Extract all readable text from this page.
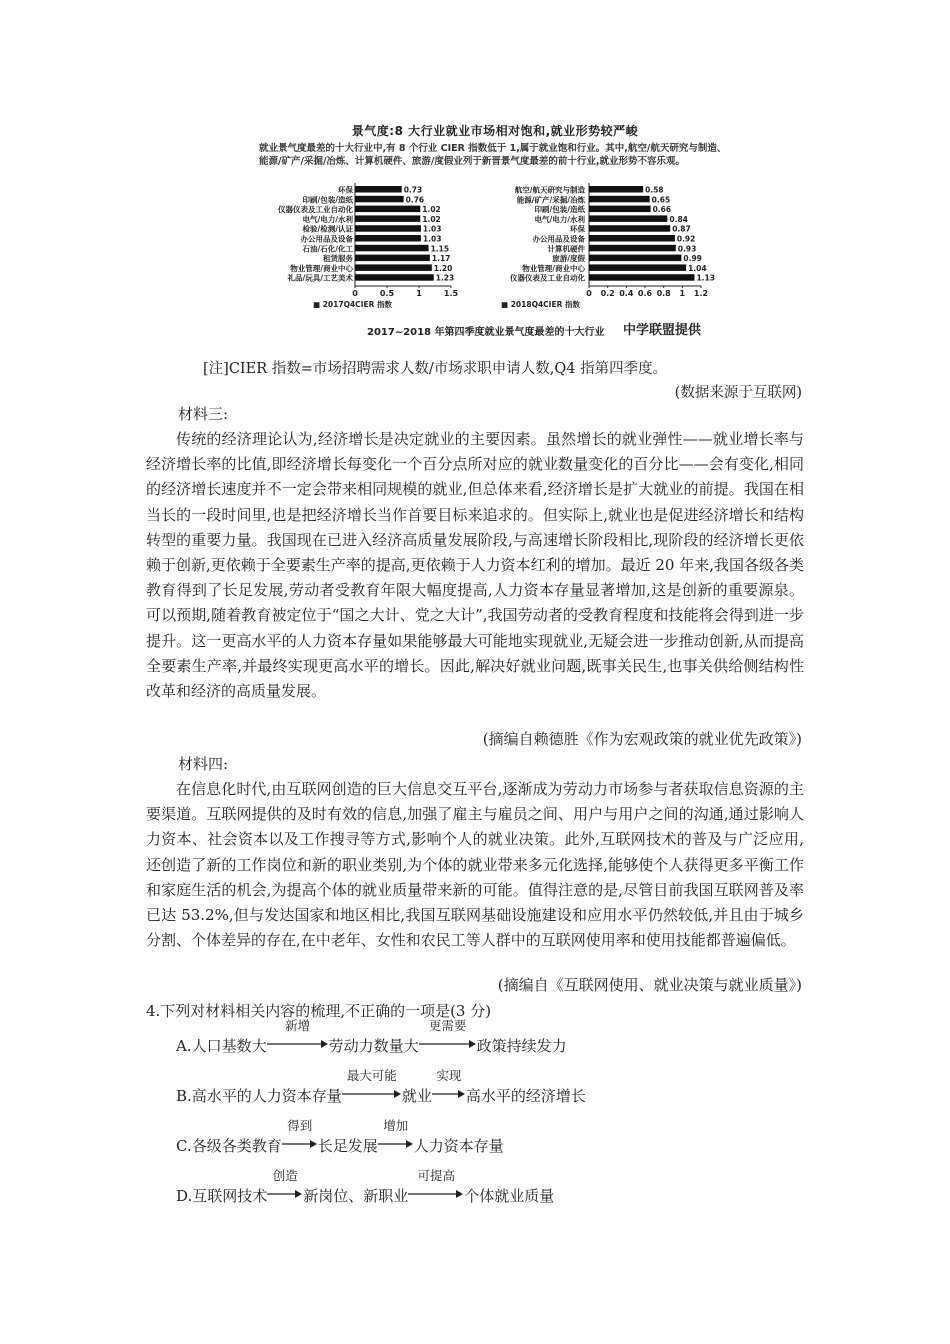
环保	0.73
印刷/包装/造纸	0.76
仪器仪表及工业自动化	1.02
电气/电力/水利	1.02
检验/检测/认证	1.03
办公用品及设备	1.03
石油/石化/化工	1.15
租赁服务	1.17
物业管理/商业中心	1.20
礼品/玩具/工艺美术	1.23
0	0.5	1	1.5
■ 2017Q4CIER 指数
航空/航天研究与制造	0.58
能源/矿产/采掘/冶炼	0.65
印刷/包装/造纸	0.66
电气/电力/水利	0.84
环保	0.87
办公用品及设备	0.92
计算机硬件	0.93
旅游/度假	0.99
物业管理/商业中心	1.04
仪器仪表及工业自动化	1.13
0 0.2 0.4 0.6 0.8 1 1.2
■ 2018Q4CIER 指数
景气度:8 大行业就业市场相对饱和,就业形势较严峻
就业景气度最差的十大行业中,有 8 个行业 CIER 指数低于 1,属于就业饱和行业。其中,航空/航天研究与制造、能源/矿产/采掘/冶炼、计算机硬件、旅游/度假业列于新晋景气度最差的前十行业,就业形势不容乐观。
2017~2018 年第四季度就业景气度最差的十大行业 中学联盟提供
[注]CIER 指数=市场招聘需求人数/市场求职申请人数,Q4 指第四季度。
(数据来源于互联网)
材料三:
传统的经济理论认为,经济增长是决定就业的主要因素。虽然增长的就业弹性——就业增长率与经济增长率的比值,即经济增长每变化一个百分点所对应的就业数量变化的百分比——会有变化,相同的经济增长速度并不一定会带来相同规模的就业,但总体来看,经济增长是扩大就业的前提。我国在相当长的一段时间里,也是把经济增长当作首要目标来追求的。但实际上,就业也是促进经济增长和结构转型的重要力量。我国现在已进入经济高质量发展阶段,与高速增长阶段相比,现阶段的经济增长更依赖于创新,更依赖于全要素生产率的提高,更依赖于人力资本红利的增加。最近 20 年来,我国各级各类教育得到了长足发展,劳动者受教育年限大幅度提高,人力资本存量显著增加,这是创新的重要源泉。可以预期,随着教育被定位于“国之大计、党之大计”,我国劳动者的受教育程度和技能将会得到进一步提升。这一更高水平的人力资本存量如果能够最大可能地实现就业,无疑会进一步推动创新,从而提高全要素生产率,并最终实现更高水平的增长。因此,解决好就业问题,既事关民生,也事关供给侧结构性改革和经济的高质量发展。
(摘编自赖德胜《作为宏观政策的就业优先政策》)
材料四:
在信息化时代,由互联网创造的巨大信息交互平台,逐渐成为劳动力市场参与者获取信息资源的主要渠道。互联网提供的及时有效的信息,加强了雇主与雇员之间、用户与用户之间的沟通,通过影响人力资本、社会资本以及工作搜寻等方式,影响个人的就业决策。此外,互联网技术的普及与广泛应用,还创造了新的工作岗位和新的职业类别,为个体的就业带来多元化选择,能够使个人获得更多平衡工作和家庭生活的机会,为提高个体的就业质量带来新的可能。值得注意的是,尽管目前我国互联网普及率已达 53.2%,但与发达国家和地区相比,我国互联网基础设施建设和应用水平仍然较低,并且由于城乡分割、个体差异的存在,在中老年、女性和农民工等人群中的互联网使用率和使用技能都普遍偏低。
(摘编自《互联网使用、就业决策与就业质量》)
4.下列对材料相关内容的梳理,不正确的一项是(3 分)
A. 人口基数大
新增
劳动力数量大
更需要
政策持续发力
B. 高水平的人力资本存量
最大可能
就业
实现
高水平的经济增长
C. 各级各类教育
得到
长足发展
增加
人力资本存量
D. 互联网技术
创造
新岗位、新职业
可提高
个体就业质量
